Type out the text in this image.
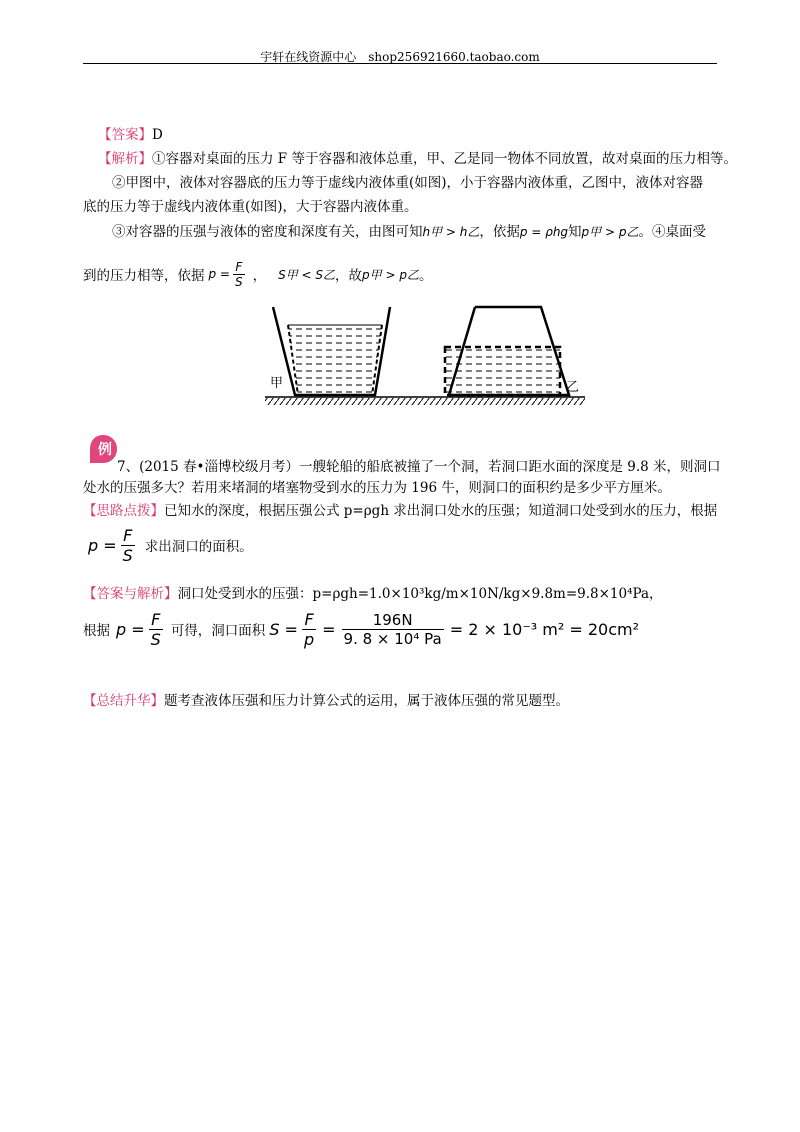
宇轩在线资源中心 shop256921660.taobao.com
【答案】D
【解析】①容器对桌面的压力 F 等于容器和液体总重，甲、乙是同一物体不同放置，故对桌面的压力相等。
②甲图中，液体对容器底的压力等于虚线内液体重(如图)，小于容器内液体重，乙图中，液体对容器
底的压力等于虚线内液体重(如图)，大于容器内液体重。
③对容器的压强与液体的密度和深度有关，由图可知h甲 > h乙，依据p = ρhg知p甲 > p乙。④桌面受
到的压力相等，依据 $p = \frac{F}{S}$ ， S甲 < S乙 ，故 p甲 > p乙 。
甲	乙
例
7、(2015 春•淄博校级月考）一艘轮船的船底被撞了一个洞，若洞口距水面的深度是 9.8 米，则洞口
处水的压强多大？若用来堵洞的堵塞物受到水的压力为 196 牛，则洞口的面积约是多少平方厘米。
【思路点拨】已知水的深度，根据压强公式 p=ρgh 求出洞口处水的压强；知道洞口处受到水的压力，根据
$p = \frac{F}{S}$ 求出洞口的面积。
【答案与解析】洞口处受到水的压强：p=ρgh=1.0×10³kg/m×10N/kg×9.8m=9.8×10⁴Pa，
根据 $p = \frac{F}{S}$ 可得，洞口面积 $S = \frac{F}{p} = \frac{196N}{\text{9. 8 × 10⁴ Pa}} = 2 \times 10^{-3}$ m² = 20cm²
【总结升华】题考查液体压强和压力计算公式的运用，属于液体压强的常见题型。
